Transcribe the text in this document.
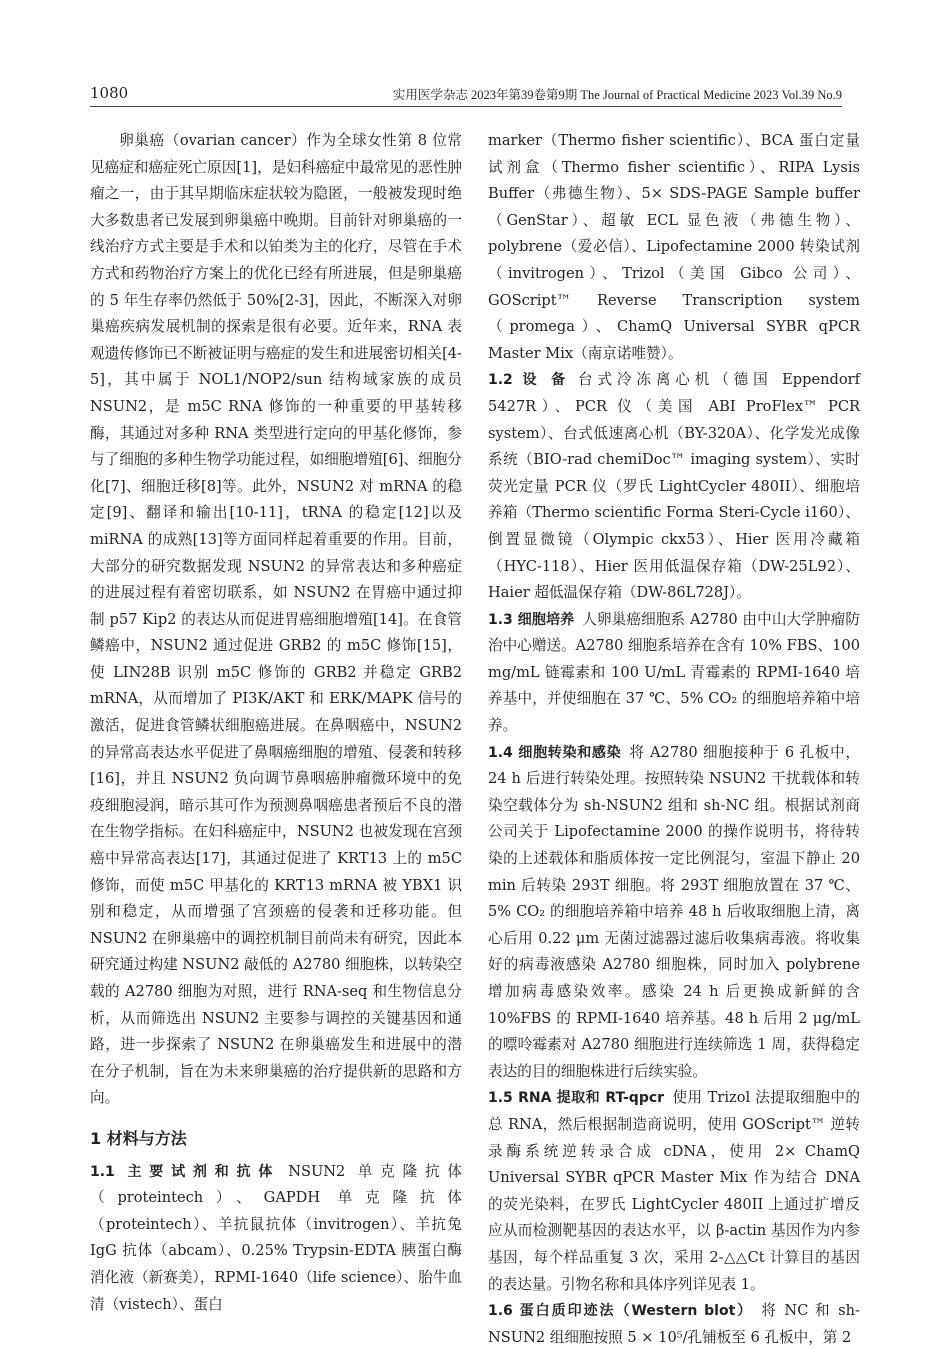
1080	实用医学杂志 2023年第39卷第9期 The Journal of Practical Medicine 2023 Vol.39 No.9

卵巢癌（ovarian cancer）作为全球女性第 8 位常见癌症和癌症死亡原因[1]，是妇科癌症中最常见的恶性肿瘤之一，由于其早期临床症状较为隐匿，一般被发现时绝大多数患者已发展到卵巢癌中晚期。目前针对卵巢癌的一线治疗方式主要是手术和以铂类为主的化疗，尽管在手术方式和药物治疗方案上的优化已经有所进展，但是卵巢癌的 5 年生存率仍然低于 50%[2-3]，因此，不断深入对卵巢癌疾病发展机制的探索是很有必要。近年来，RNA 表观遗传修饰已不断被证明与癌症的发生和进展密切相关[4-5]，其中属于 NOL1/NOP2/sun 结构域家族的成员 NSUN2，是 m5C RNA 修饰的一种重要的甲基转移酶，其通过对多种 RNA 类型进行定向的甲基化修饰，参与了细胞的多种生物学功能过程，如细胞增殖[6]、细胞分化[7]、细胞迁移[8]等。此外，NSUN2 对 mRNA 的稳定[9]、翻译和输出[10-11]，tRNA 的稳定[12]以及 miRNA 的成熟[13]等方面同样起着重要的作用。目前，大部分的研究数据发现 NSUN2 的异常表达和多种癌症的进展过程有着密切联系，如 NSUN2 在胃癌中通过抑制 p57 Kip2 的表达从而促进胃癌细胞增殖[14]。在食管鳞癌中，NSUN2 通过促进 GRB2 的 m5C 修饰[15]，使 LIN28B 识别 m5C 修饰的 GRB2 并稳定 GRB2 mRNA，从而增加了 PI3K/AKT 和 ERK/MAPK 信号的激活，促进食管鳞状细胞癌进展。在鼻咽癌中，NSUN2 的异常高表达水平促进了鼻咽癌细胞的增殖、侵袭和转移[16]，并且 NSUN2 负向调节鼻咽癌肿瘤微环境中的免疫细胞浸润，暗示其可作为预测鼻咽癌患者预后不良的潜在生物学指标。在妇科癌症中，NSUN2 也被发现在宫颈癌中异常高表达[17]，其通过促进了 KRT13 上的 m5C 修饰，而使 m5C 甲基化的 KRT13 mRNA 被 YBX1 识别和稳定，从而增强了宫颈癌的侵袭和迁移功能。但 NSUN2 在卵巢癌中的调控机制目前尚未有研究，因此本研究通过构建 NSUN2 敲低的 A2780 细胞株，以转染空载的 A2780 细胞为对照，进行 RNA-seq 和生物信息分析，从而筛选出 NSUN2 主要参与调控的关键基因和通路，进一步探索了 NSUN2 在卵巢癌发生和进展中的潜在分子机制，旨在为未来卵巢癌的治疗提供新的思路和方向。

1 材料与方法

1.1 主要试剂和抗体 NSUN2 单克隆抗体（proteintech）、GAPDH 单克隆抗体（proteintech）、羊抗鼠抗体（invitrogen）、羊抗兔 IgG 抗体（abcam）、0.25% Trypsin-EDTA 胰蛋白酶消化液（新赛美），RPMI-1640（life science）、胎牛血清（vistech）、蛋白

marker（Thermo fisher scientific）、BCA 蛋白定量试剂盒（Thermo fisher scientific）、RIPA Lysis Buffer（弗德生物）、5× SDS-PAGE Sample buffer（GenStar）、超敏 ECL 显色液（弗德生物）、polybrene（爱必信）、Lipofectamine 2000 转染试剂（invitrogen）、Trizol（美国 Gibco 公司）、GOScript™ Reverse Transcription system（promega）、ChamQ Universal SYBR qPCR Master Mix（南京诺唯赞）。

1.2 设 备 台式冷冻离心机（德国 Eppendorf 5427R）、PCR 仪（美国 ABI ProFlex™ PCR system）、台式低速离心机（BY-320A）、化学发光成像系统（BIO-rad chemiDoc™ imaging system）、实时荧光定量 PCR 仪（罗氏 LightCycler 480II）、细胞培养箱（Thermo scientific Forma Steri-Cycle i160）、倒置显微镜（Olympic ckx53）、Hier 医用冷藏箱（HYC-118）、Hier 医用低温保存箱（DW-25L92）、Haier 超低温保存箱（DW-86L728J）。

1.3 细胞培养 人卵巢癌细胞系 A2780 由中山大学肿瘤防治中心赠送。A2780 细胞系培养在含有 10% FBS、100 mg/mL 链霉素和 100 U/mL 青霉素的 RPMI-1640 培养基中，并使细胞在 37 ℃、5% CO₂ 的细胞培养箱中培养。

1.4 细胞转染和感染 将 A2780 细胞接种于 6 孔板中，24 h 后进行转染处理。按照转染 NSUN2 干扰载体和转染空载体分为 sh-NSUN2 组和 sh-NC 组。根据试剂商公司关于 Lipofectamine 2000 的操作说明书，将待转染的上述载体和脂质体按一定比例混匀，室温下静止 20 min 后转染 293T 细胞。将 293T 细胞放置在 37 ℃、5% CO₂ 的细胞培养箱中培养 48 h 后收取细胞上清，离心后用 0.22 μm 无菌过滤器过滤后收集病毒液。将收集好的病毒液感染 A2780 细胞株，同时加入 polybrene 增加病毒感染效率。感染 24 h 后更换成新鲜的含 10%FBS 的 RPMI-1640 培养基。48 h 后用 2 μg/mL 的嘌呤霉素对 A2780 细胞进行连续筛选 1 周，获得稳定表达的目的细胞株进行后续实验。

1.5 RNA 提取和 RT-qpcr 使用 Trizol 法提取细胞中的总 RNA，然后根据制造商说明，使用 GOScript™ 逆转录酶系统逆转录合成 cDNA，使用 2× ChamQ Universal SYBR qPCR Master Mix 作为结合 DNA 的荧光染料，在罗氏 LightCycler 480II 上通过扩增反应从而检测靶基因的表达水平，以 β-actin 基因作为内参基因，每个样品重复 3 次，采用 2-△△Ct 计算目的基因的表达量。引物名称和具体序列详见表 1。

1.6 蛋白质印迹法（Western blot） 将 NC 和 sh-NSUN2 组细胞按照 5 × 10⁵/孔铺板至 6 孔板中，第 2
